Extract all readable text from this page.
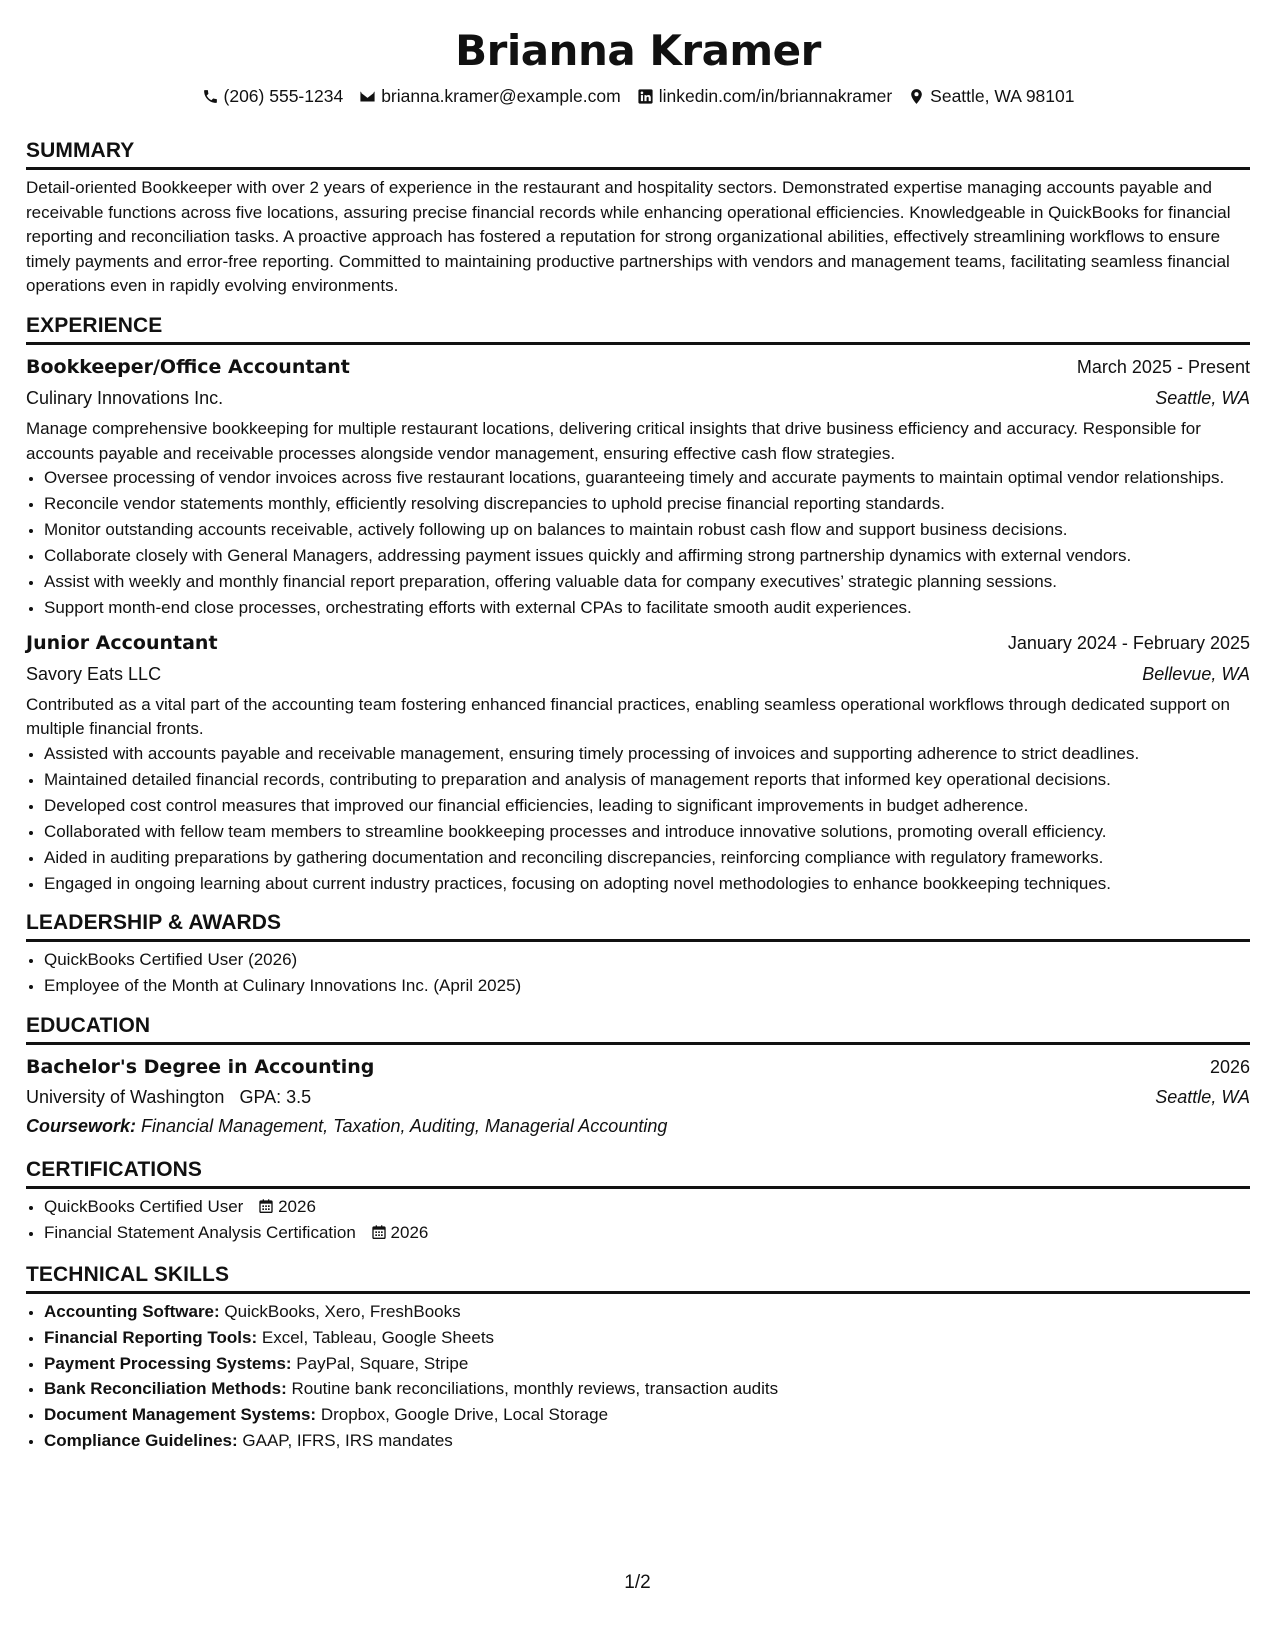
Brianna Kramer
(206) 555-1234 brianna.kramer@example.com linkedin.com/in/briannakramer Seattle, WA 98101
SUMMARY
Detail-oriented Bookkeeper with over 2 years of experience in the restaurant and hospitality sectors. Demonstrated expertise managing accounts payable and receivable functions across five locations, assuring precise financial records while enhancing operational efficiencies. Knowledgeable in QuickBooks for financial reporting and reconciliation tasks. A proactive approach has fostered a reputation for strong organizational abilities, effectively streamlining workflows to ensure timely payments and error-free reporting. Committed to maintaining productive partnerships with vendors and management teams, facilitating seamless financial operations even in rapidly evolving environments.
EXPERIENCE
Bookkeeper/Office Accountant	March 2025 - Present
Culinary Innovations Inc.	Seattle, WA
Manage comprehensive bookkeeping for multiple restaurant locations, delivering critical insights that drive business efficiency and accuracy. Responsible for accounts payable and receivable processes alongside vendor management, ensuring effective cash flow strategies.
• Oversee processing of vendor invoices across five restaurant locations, guaranteeing timely and accurate payments to maintain optimal vendor relationships.
• Reconcile vendor statements monthly, efficiently resolving discrepancies to uphold precise financial reporting standards.
• Monitor outstanding accounts receivable, actively following up on balances to maintain robust cash flow and support business decisions.
• Collaborate closely with General Managers, addressing payment issues quickly and affirming strong partnership dynamics with external vendors.
• Assist with weekly and monthly financial report preparation, offering valuable data for company executives’ strategic planning sessions.
• Support month-end close processes, orchestrating efforts with external CPAs to facilitate smooth audit experiences.
Junior Accountant	January 2024 - February 2025
Savory Eats LLC	Bellevue, WA
Contributed as a vital part of the accounting team fostering enhanced financial practices, enabling seamless operational workflows through dedicated support on multiple financial fronts.
• Assisted with accounts payable and receivable management, ensuring timely processing of invoices and supporting adherence to strict deadlines.
• Maintained detailed financial records, contributing to preparation and analysis of management reports that informed key operational decisions.
• Developed cost control measures that improved our financial efficiencies, leading to significant improvements in budget adherence.
• Collaborated with fellow team members to streamline bookkeeping processes and introduce innovative solutions, promoting overall efficiency.
• Aided in auditing preparations by gathering documentation and reconciling discrepancies, reinforcing compliance with regulatory frameworks.
• Engaged in ongoing learning about current industry practices, focusing on adopting novel methodologies to enhance bookkeeping techniques.
LEADERSHIP & AWARDS
• QuickBooks Certified User (2026)
• Employee of the Month at Culinary Innovations Inc. (April 2025)
EDUCATION
Bachelor's Degree in Accounting	2026
University of Washington GPA: 3.5	Seattle, WA
Coursework: Financial Management, Taxation, Auditing, Managerial Accounting
CERTIFICATIONS
• QuickBooks Certified User 2026
• Financial Statement Analysis Certification 2026
TECHNICAL SKILLS
• Accounting Software: QuickBooks, Xero, FreshBooks
• Financial Reporting Tools: Excel, Tableau, Google Sheets
• Payment Processing Systems: PayPal, Square, Stripe
• Bank Reconciliation Methods: Routine bank reconciliations, monthly reviews, transaction audits
• Document Management Systems: Dropbox, Google Drive, Local Storage
• Compliance Guidelines: GAAP, IFRS, IRS mandates
1/2
